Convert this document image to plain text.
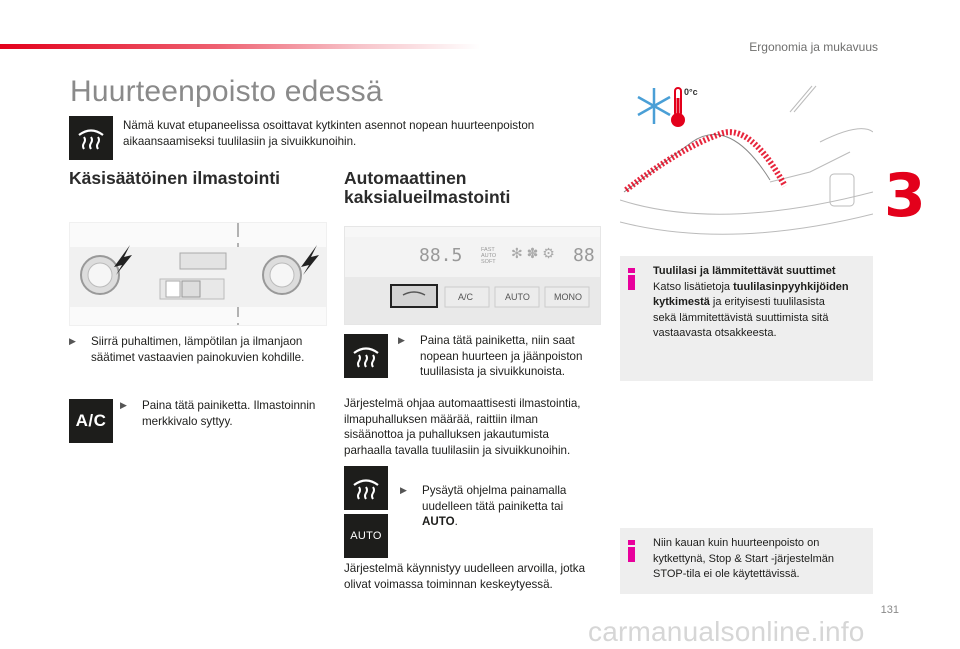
Ergonomia ja mukavuus
Huurteenpoisto edessä
Nämä kuvat etupaneelissa osoittavat kytkinten asennot nopean huurteenpoiston
aikaansaamiseksi tuulilasiin ja sivuikkunoihin.
Käsisäätöinen ilmastointi
▶ Siirrä puhaltimen, lämpötilan ja ilmanjaon
säätimet vastaavien painokuvien kohdille.
A/C
▶ Paina tätä painiketta. Ilmastoinnin
merkkivalo syttyy.
Automaattinen
kaksialueilmastointi
88.5	FAST AUTO SOFT
✻ ✽ ⚙ 88
A/C	AUTO	MONO
▶ Paina tätä painiketta, niin saat
nopean huurteen ja jäänpoiston
tuulilasista ja sivuikkunoista.
Järjestelmä ohjaa automaattisesti ilmastointia,
ilmapuhalluksen määrää, raittiin ilman
sisäänottoa ja puhalluksen jakautumista
parhaalla tavalla tuulilasiin ja sivuikkunoihin.
AUTO
▶ Pysäytä ohjelma painamalla
uudelleen tätä painiketta tai
AUTO.
Järjestelmä käynnistyy uudelleen arvoilla, jotka
olivat voimassa toiminnan keskeytyessä.
0°c
3
Tuulilasi ja lämmitettävät suuttimet
Katso lisätietoja tuulilasinpyyhkijöiden
kytkimestä ja erityisesti tuulilasista
sekä lämmitettävistä suuttimista sitä
vastaavasta otsakkeesta.
Niin kauan kuin huurteenpoisto on
kytkettynä, Stop & Start -järjestelmän
STOP-tila ei ole käytettävissä.
131
carmanualsonline.info
